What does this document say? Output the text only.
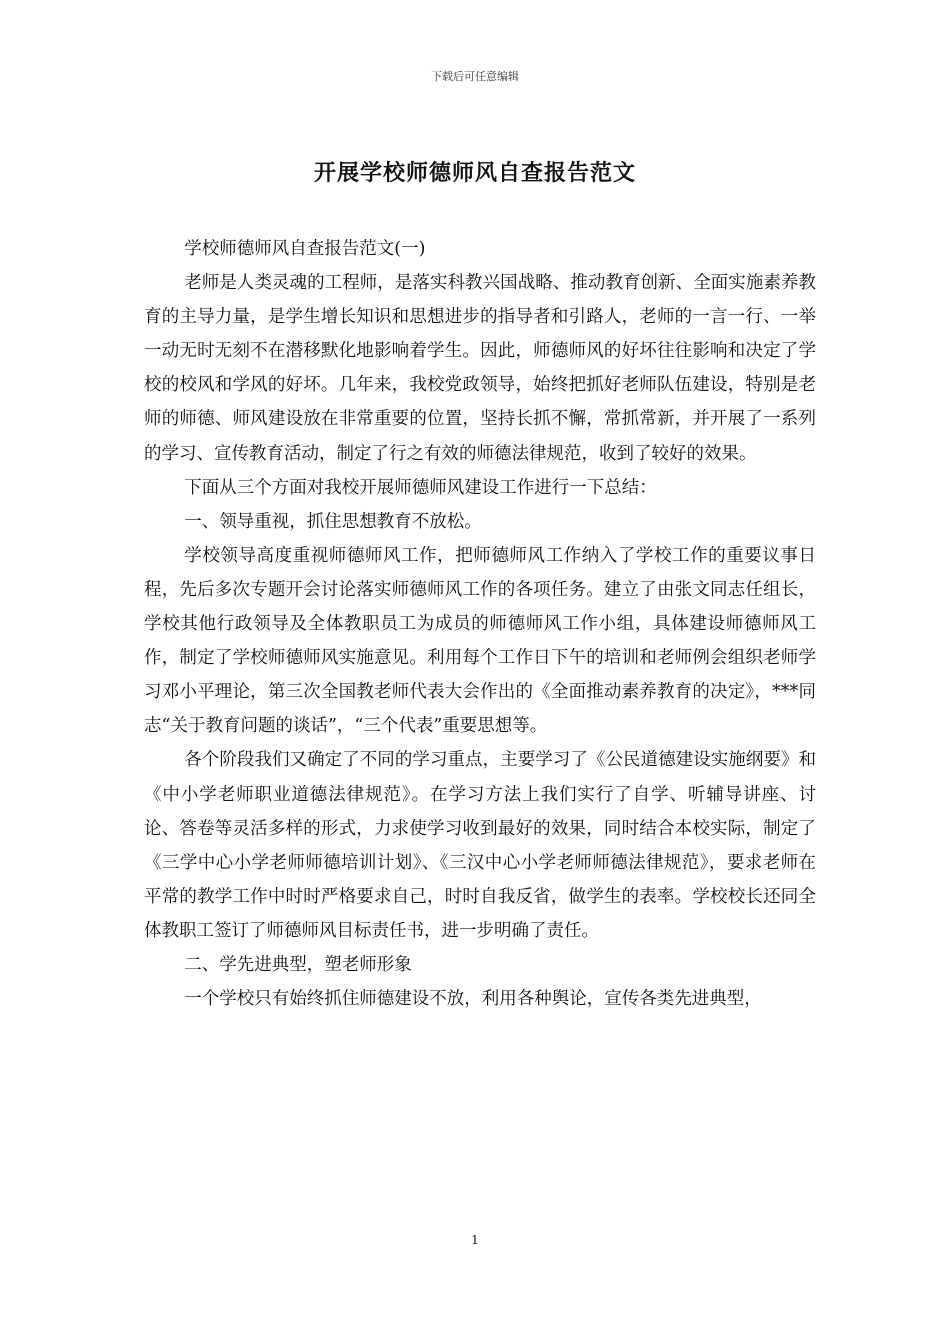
下载后可任意编辑
开展学校师德师风自查报告范文

学校师德师风自查报告范文(一)

老师是人类灵魂的工程师，是落实科教兴国战略、推动教育创新、全面实施素养教育的主导力量，是学生增长知识和思想进步的指导者和引路人，老师的一言一行、一举一动无时无刻不在潜移默化地影响着学生。因此，师德师风的好坏往往影响和决定了学校的校风和学风的好坏。几年来，我校党政领导，始终把抓好老师队伍建设，特别是老师的师德、师风建设放在非常重要的位置，坚持长抓不懈，常抓常新，并开展了一系列的学习、宣传教育活动，制定了行之有效的师德法律规范，收到了较好的效果。

下面从三个方面对我校开展师德师风建设工作进行一下总结：

一、领导重视，抓住思想教育不放松。

学校领导高度重视师德师风工作，把师德师风工作纳入了学校工作的重要议事日程，先后多次专题开会讨论落实师德师风工作的各项任务。建立了由张文同志任组长，学校其他行政领导及全体教职员工为成员的师德师风工作小组，具体建设师德师风工作，制定了学校师德师风实施意见。利用每个工作日下午的培训和老师例会组织老师学习邓小平理论，第三次全国教老师代表大会作出的《全面推动素养教育的决定》，***同志“关于教育问题的谈话”，“三个代表”重要思想等。

各个阶段我们又确定了不同的学习重点，主要学习了《公民道德建设实施纲要》和《中小学老师职业道德法律规范》。在学习方法上我们实行了自学、听辅导讲座、讨论、答卷等灵活多样的形式，力求使学习收到最好的效果，同时结合本校实际，制定了《三学中心小学老师师德培训计划》、《三汉中心小学老师师德法律规范》，要求老师在平常的教学工作中时时严格要求自己，时时自我反省，做学生的表率。学校校长还同全体教职工签订了师德师风目标责任书，进一步明确了责任。

二、学先进典型，塑老师形象

一个学校只有始终抓住师德建设不放，利用各种舆论，宣传各类先进典型，

1
